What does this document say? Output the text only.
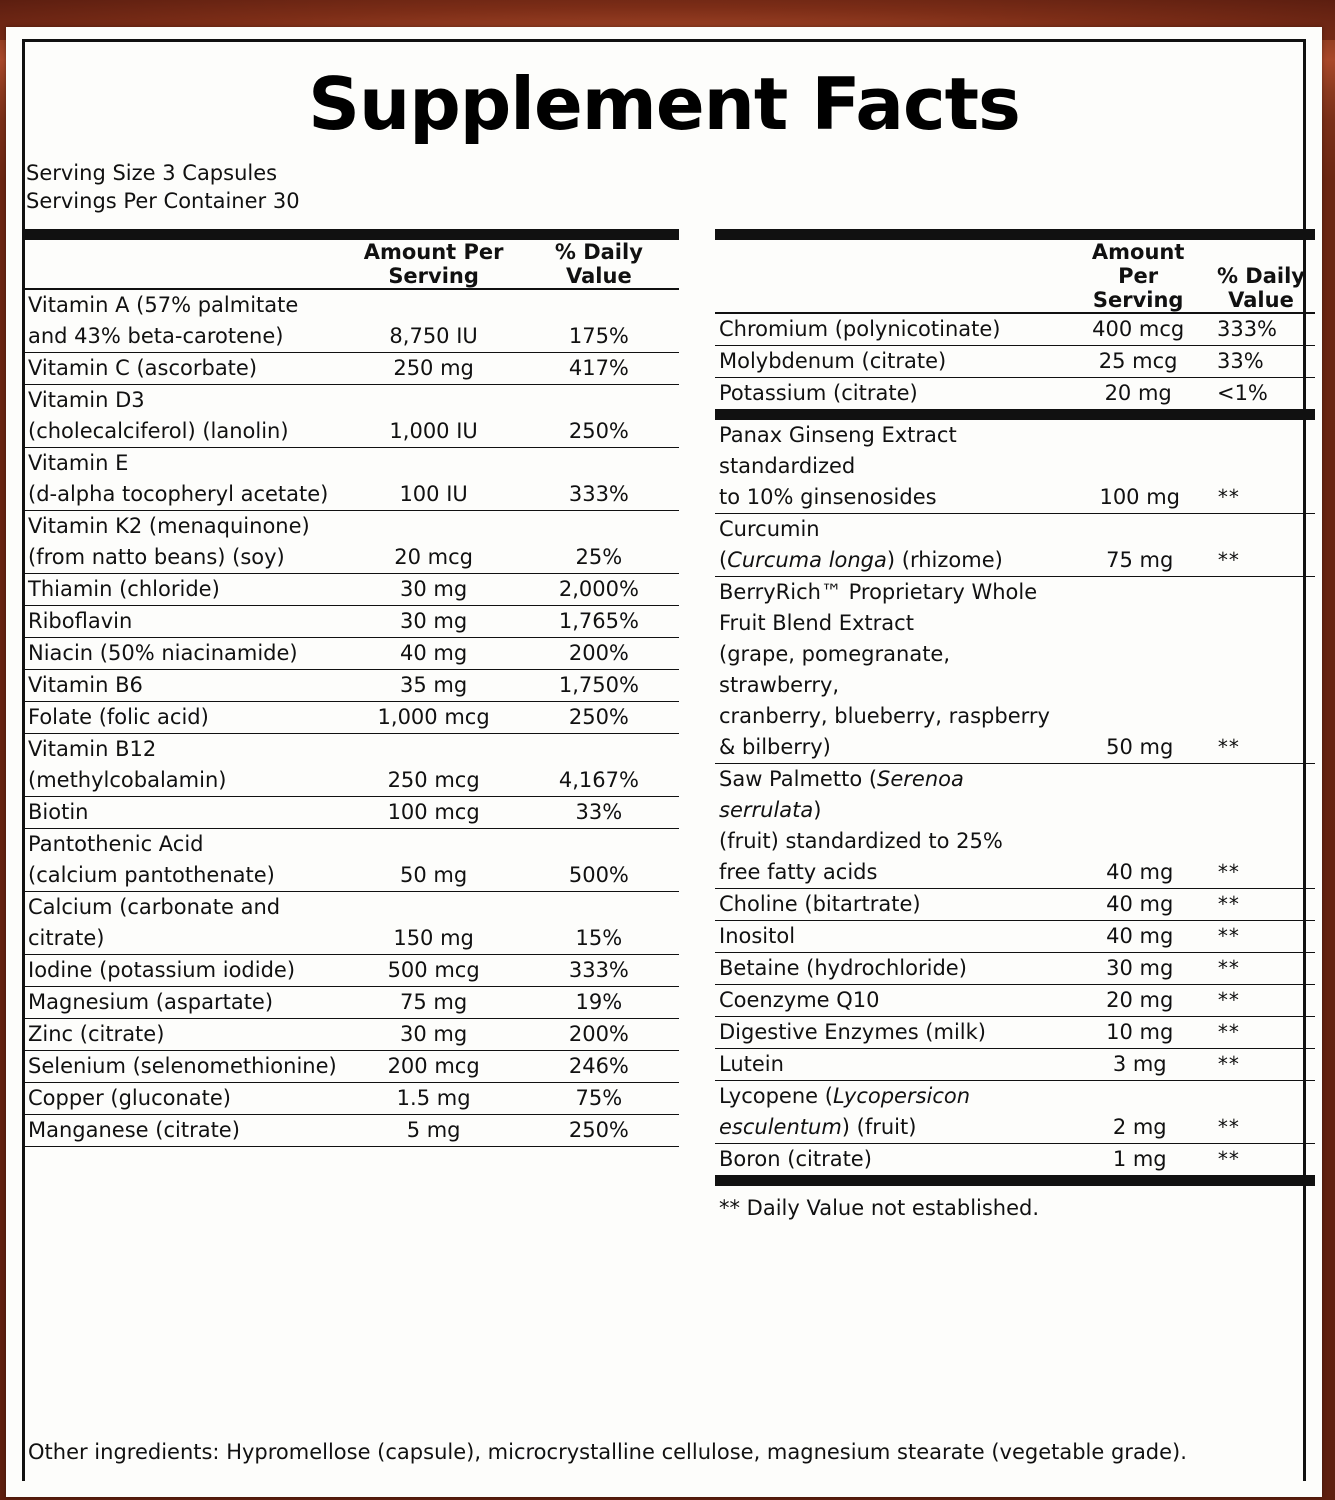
Supplement Facts
Serving Size 3 Capsules
Servings Per Container 30
	Amount Per Serving	% Daily Value
Vitamin A (57% palmitate
and 43% beta-carotene)	8,750 IU	175%
Vitamin C (ascorbate)	250 mg	417%
Vitamin D3
(cholecalciferol) (lanolin)	1,000 IU	250%
Vitamin E
(d-alpha tocopheryl acetate)	100 IU	333%
Vitamin K2 (menaquinone)
(from natto beans) (soy)	20 mcg	25%
Thiamin (chloride)	30 mg	2,000%
Riboflavin	30 mg	1,765%
Niacin (50% niacinamide)	40 mg	200%
Vitamin B6	35 mg	1,750%
Folate (folic acid)	1,000 mcg	250%
Vitamin B12 (methylcobalamin)	250 mcg	4,167%
Biotin	100 mcg	33%
Pantothenic Acid
(calcium pantothenate)	50 mg	500%
Calcium (carbonate and citrate)	150 mg	15%
Iodine (potassium iodide)	500 mcg	333%
Magnesium (aspartate)	75 mg	19%
Zinc (citrate)	30 mg	200%
Selenium (selenomethionine)	200 mcg	246%
Copper (gluconate)	1.5 mg	75%
Manganese (citrate)	5 mg	250%
	Amount Per Serving	% Daily Value
Chromium (polynicotinate)	400 mcg	333%
Molybdenum (citrate)	25 mcg	33%
Potassium (citrate)	20 mg	<1%
Panax Ginseng Extract standardized
to 10% ginsenosides	100 mg	**
Curcumin
(Curcuma longa) (rhizome)	75 mg	**
BerryRich™ Proprietary Whole
Fruit Blend Extract
(grape, pomegranate, strawberry,
cranberry, blueberry, raspberry & bilberry)	50 mg	**
Saw Palmetto (Serenoa serrulata)
(fruit) standardized to 25%
free fatty acids	40 mg	**
Choline (bitartrate)	40 mg	**
Inositol	40 mg	**
Betaine (hydrochloride)	30 mg	**
Coenzyme Q10	20 mg	**
Digestive Enzymes (milk)	10 mg	**
Lutein	3 mg	**
Lycopene (Lycopersicon
esculentum) (fruit)	2 mg	**
Boron (citrate)	1 mg	**
** Daily Value not established.
Other ingredients: Hypromellose (capsule), microcrystalline cellulose, magnesium stearate (vegetable grade).
